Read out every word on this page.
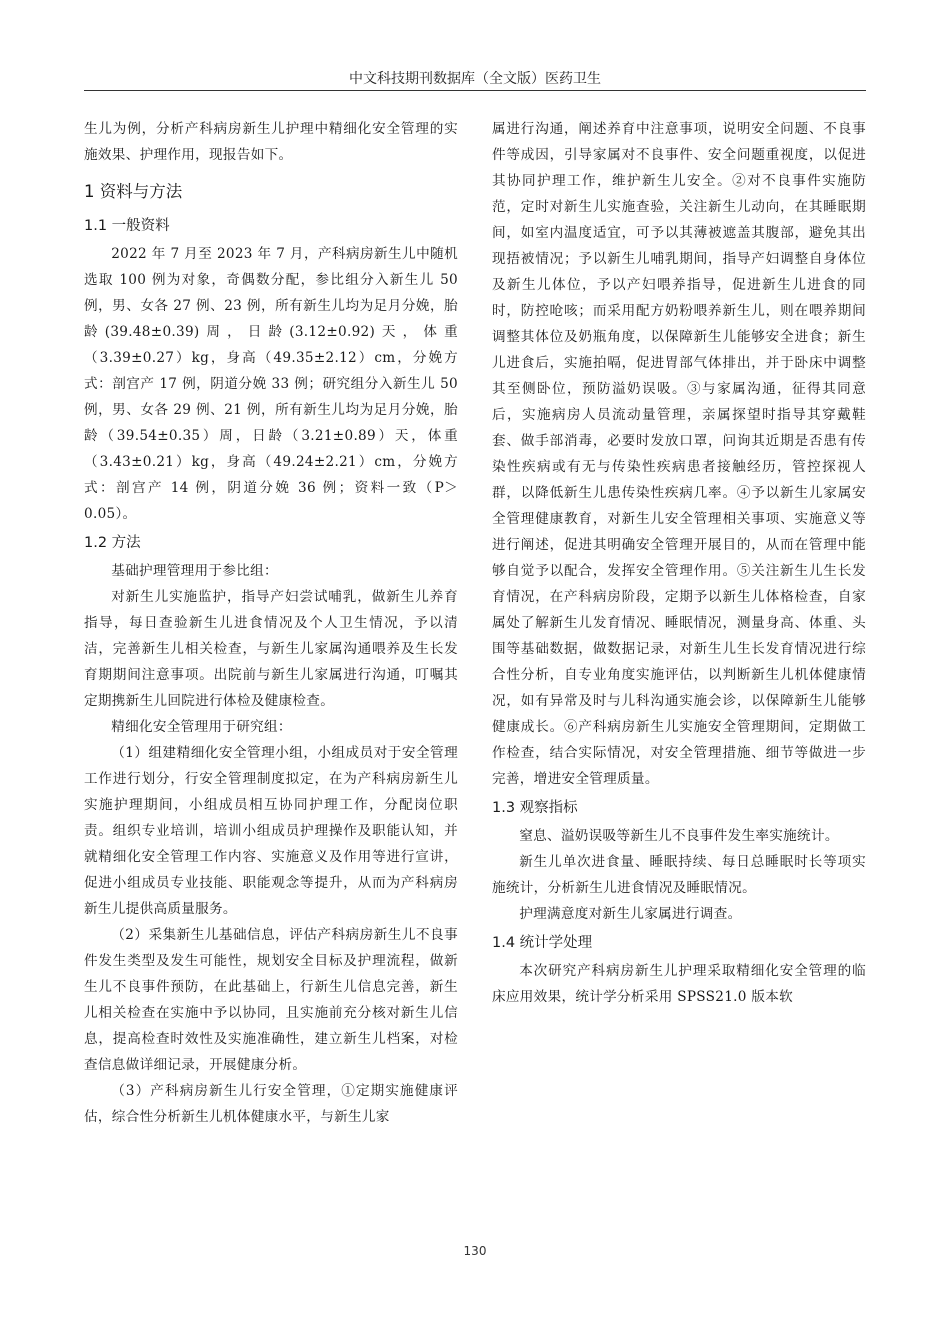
中文科技期刊数据库（全文版）医药卫生

生儿为例，分析产科病房新生儿护理中精细化安全管理的实施效果、护理作用，现报告如下。

1 资料与方法
1.1 一般资料

2022 年 7 月至 2023 年 7 月，产科病房新生儿中随机选取 100 例为对象，奇偶数分配，参比组分入新生儿 50 例，男、女各 27 例、23 例，所有新生儿均为足月分娩，胎龄(39.48±0.39)周，日龄(3.12±0.92)天，体重（3.39±0.27）kg，身高（49.35±2.12）cm，分娩方式：剖宫产 17 例，阴道分娩 33 例；研究组分入新生儿 50 例，男、女各 29 例、21 例，所有新生儿均为足月分娩，胎龄（39.54±0.35）周，日龄（3.21±0.89）天，体重（3.43±0.21）kg，身高（49.24±2.21）cm，分娩方式：剖宫产 14 例，阴道分娩 36 例；资料一致（P＞0.05）。

1.2 方法

基础护理管理用于参比组：

对新生儿实施监护，指导产妇尝试哺乳，做新生儿养育指导，每日查验新生儿进食情况及个人卫生情况，予以清洁，完善新生儿相关检查，与新生儿家属沟通喂养及生长发育期期间注意事项。出院前与新生儿家属进行沟通，叮嘱其定期携新生儿回院进行体检及健康检查。

精细化安全管理用于研究组：

（1）组建精细化安全管理小组，小组成员对于安全管理工作进行划分，行安全管理制度拟定，在为产科病房新生儿实施护理期间，小组成员相互协同护理工作，分配岗位职责。组织专业培训，培训小组成员护理操作及职能认知，并就精细化安全管理工作内容、实施意义及作用等进行宣讲，促进小组成员专业技能、职能观念等提升，从而为产科病房新生儿提供高质量服务。

（2）采集新生儿基础信息，评估产科病房新生儿不良事件发生类型及发生可能性，规划安全目标及护理流程，做新生儿不良事件预防，在此基础上，行新生儿信息完善，新生儿相关检查在实施中予以协同，且实施前充分核对新生儿信息，提高检查时效性及实施准确性，建立新生儿档案，对检查信息做详细记录，开展健康分析。

（3）产科病房新生儿行安全管理，①定期实施健康评估，综合性分析新生儿机体健康水平，与新生儿家

属进行沟通，阐述养育中注意事项，说明安全问题、不良事件等成因，引导家属对不良事件、安全问题重视度，以促进其协同护理工作，维护新生儿安全。②对不良事件实施防范，定时对新生儿实施查验，关注新生儿动向，在其睡眠期间，如室内温度适宜，可予以其薄被遮盖其腹部，避免其出现捂被情况；予以新生儿哺乳期间，指导产妇调整自身体位及新生儿体位，予以产妇喂养指导，促进新生儿进食的同时，防控呛咳；而采用配方奶粉喂养新生儿，则在喂养期间调整其体位及奶瓶角度，以保障新生儿能够安全进食；新生儿进食后，实施拍嗝，促进胃部气体排出，并于卧床中调整其至侧卧位，预防溢奶误吸。③与家属沟通，征得其同意后，实施病房人员流动量管理，亲属探望时指导其穿戴鞋套、做手部消毒，必要时发放口罩，问询其近期是否患有传染性疾病或有无与传染性疾病患者接触经历，管控探视人群，以降低新生儿患传染性疾病几率。④予以新生儿家属安全管理健康教育，对新生儿安全管理相关事项、实施意义等进行阐述，促进其明确安全管理开展目的，从而在管理中能够自觉予以配合，发挥安全管理作用。⑤关注新生儿生长发育情况，在产科病房阶段，定期予以新生儿体格检查，自家属处了解新生儿发育情况、睡眠情况，测量身高、体重、头围等基础数据，做数据记录，对新生儿生长发育情况进行综合性分析，自专业角度实施评估，以判断新生儿机体健康情况，如有异常及时与儿科沟通实施会诊，以保障新生儿能够健康成长。⑥产科病房新生儿实施安全管理期间，定期做工作检查，结合实际情况，对安全管理措施、细节等做进一步完善，增进安全管理质量。

1.3 观察指标

窒息、溢奶误吸等新生儿不良事件发生率实施统计。

新生儿单次进食量、睡眠持续、每日总睡眠时长等项实施统计，分析新生儿进食情况及睡眠情况。

护理满意度对新生儿家属进行调查。

1.4 统计学处理

本次研究产科病房新生儿护理采取精细化安全管理的临床应用效果，统计学分析采用 SPSS21.0 版本软

130
